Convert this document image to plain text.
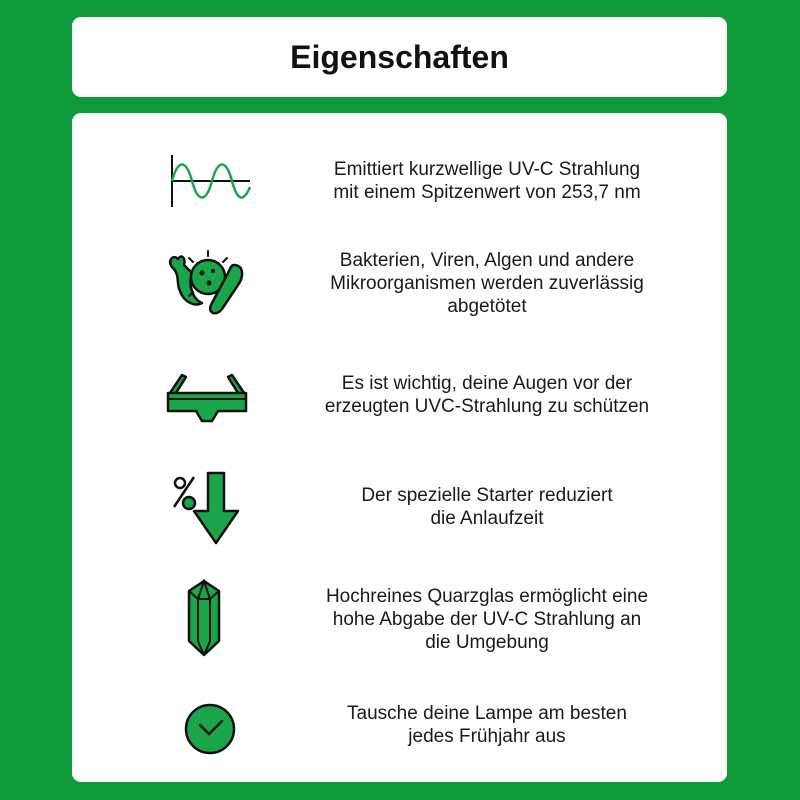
Eigenschaften
Emittiert kurzwellige UV-C Strahlung
mit einem Spitzenwert von 253,7 nm
Bakterien, Viren, Algen und andere
Mikroorganismen werden zuverlässig
abgetötet
Es ist wichtig, deine Augen vor der
erzeugten UVC-Strahlung zu schützen
Der spezielle Starter reduziert
die Anlaufzeit
Hochreines Quarzglas ermöglicht eine
hohe Abgabe der UV-C Strahlung an
die Umgebung
Tausche deine Lampe am besten
jedes Frühjahr aus
